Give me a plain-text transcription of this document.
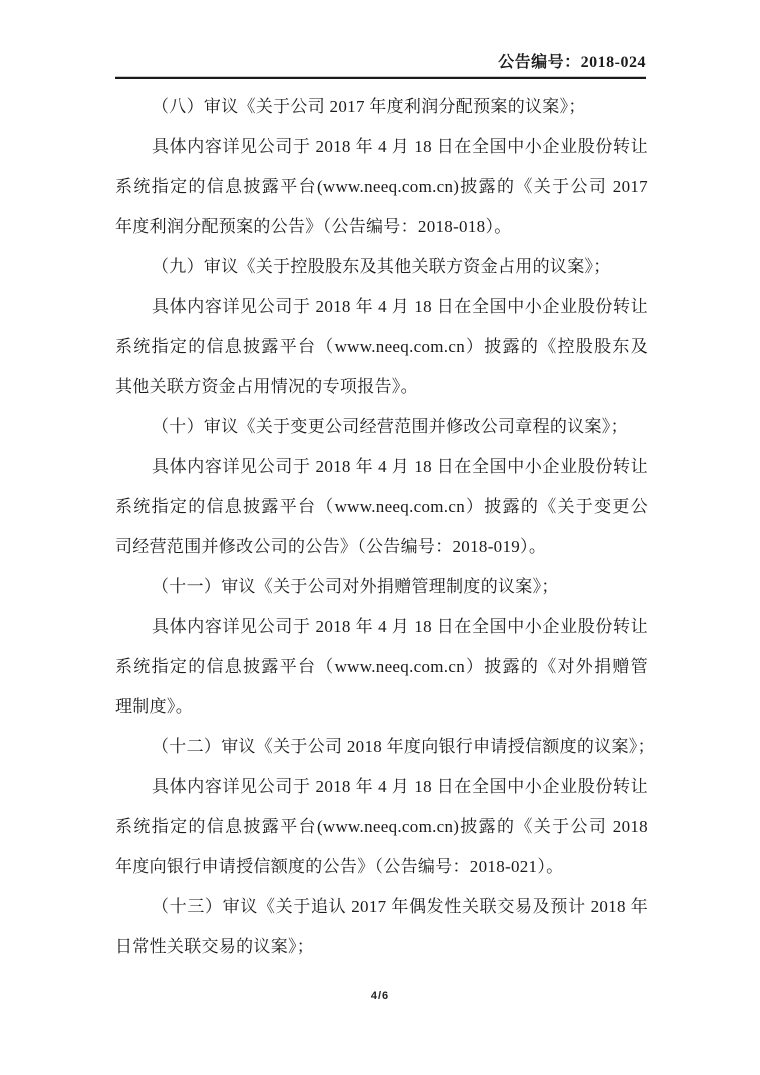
公告编号：2018-024
（八）审议《关于公司 2017 年度利润分配预案的议案》；
具体内容详见公司于 2018 年 4 月 18 日在全国中小企业股份转让
系统指定的信息披露平台(www.neeq.com.cn)披露的《关于公司 2017
年度利润分配预案的公告》（公告编号：2018-018）。
（九）审议《关于控股股东及其他关联方资金占用的议案》；
具体内容详见公司于 2018 年 4 月 18 日在全国中小企业股份转让
系统指定的信息披露平台（www.neeq.com.cn）披露的《控股股东及
其他关联方资金占用情况的专项报告》。
（十）审议《关于变更公司经营范围并修改公司章程的议案》；
具体内容详见公司于 2018 年 4 月 18 日在全国中小企业股份转让
系统指定的信息披露平台（www.neeq.com.cn）披露的《关于变更公
司经营范围并修改公司的公告》（公告编号：2018-019）。
（十一）审议《关于公司对外捐赠管理制度的议案》；
具体内容详见公司于 2018 年 4 月 18 日在全国中小企业股份转让
系统指定的信息披露平台（www.neeq.com.cn）披露的《对外捐赠管
理制度》。
（十二）审议《关于公司 2018 年度向银行申请授信额度的议案》；
具体内容详见公司于 2018 年 4 月 18 日在全国中小企业股份转让
系统指定的信息披露平台(www.neeq.com.cn)披露的《关于公司 2018
年度向银行申请授信额度的公告》（公告编号：2018-021）。
（十三）审议《关于追认 2017 年偶发性关联交易及预计 2018 年
日常性关联交易的议案》；
4/6
